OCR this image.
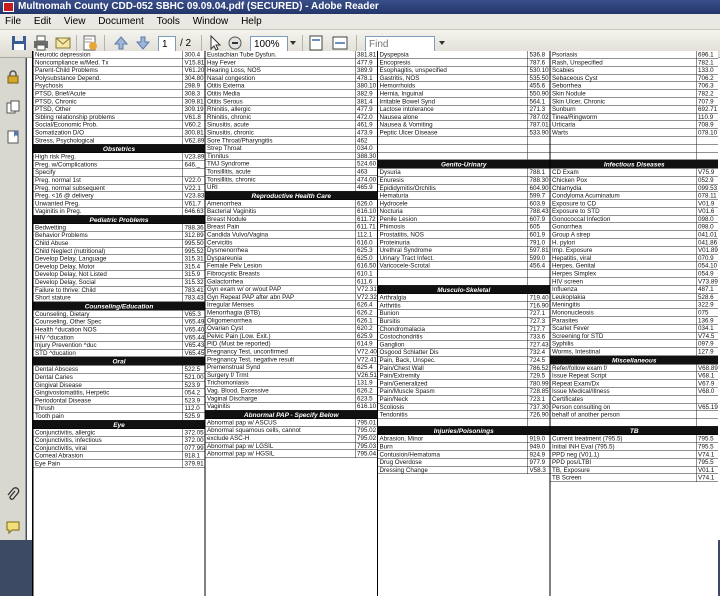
Multnomah County CDD-052 SBHC 09.09.04.pdf (SECURED) - Adobe Reader
File Edit View Document Tools Window Help
1
/ 2
100%
Find
Neurotic depression	300.4
Noncompliance w/Med. Tx	V15.81
Parent-Child Problems	V61.20
Polysubstance Depend.	304.80
Psychosis	298.9
PTSD, Brief/Acute	308.3
PTSD, Chronic	309.81
PTSD, Other	309.19
Sibling relationship problems	V61.8
Social/Economic Prob.	V60.2
Somatization D/O	300.81
Stress, Psychological	V62.89
Obstetrics
High risk Preg.	V23.89
Preg. w/Complications	646._
Specify
Preg. normal 1st	V22.0
Preg. normal subsequent	V22.1
Preg. <16 @ delivery	V23.83
Unwanted Preg.	V61.7
Vaginitis in Preg.	646.63
Pediatric Problems
Bedwetting	788.36
Behavior Problems	312.89
Child Abuse	995.50
Child Neglect (nutritional)	995.52
Develop Delay, Language	315.31
Develop Delay, Motor	315.4
Develop Delay, Not Listed	315.9
Develop Delay, Social	315.32
Failure to thrive: Child	783.41
Short stature	783.43
Counseling/Education
Counseling, Dietary	V65.3
Counseling, Other Spec	V65.49
Health ^ducation NOS	V65.40
HIV ^ducation	V65.44
Injury Prevention ^duc	V65.43
STD ^ducation	V65.45
Oral
Dental Abscess	522.5
Dental Caries	521.00
Gingival Disease	523.9
Gingivostomatitis, Herpetic	054.2
Periodontal Disease	523.9
Thrush	112.0
Tooth pain	525.9
Eye
Conjunctivitis, allergic	372.05
Conjunctivitis, infectious	372.00
Conjunctivitis, viral	077.99
Corneal Abrasion	918.1
Eye Pain	379.91
Eustachian Tube Dysfun.	381.81
Hay Fever	477.9
Hearing Loss, NOS	389.9
Nasal congestion	478.1
Otitis Externa	380.10
Otitis Media	382.9
Otitis Serous	381.4
Rhinitis, allergic	477.9
Rhinitis, chronic	472.0
Sinusitis, acute	461.9
Sinusitis, chronic	473.9
Sore Throat/Pharyngitis	462
Strep Throat	034.0
Tinnitus	388.30
TMJ Syndrome	524.60
Tonsillitis, acute	463
Tonsillitis, chronic	474.00
URI	465.9
Reproductive Health Care
Amenorrhea	626.0
Bacterial Vaginitis	616.10
Breast Nodule	611.72
Breast Pain	611.71
Candida Vulvo/Vagina	112.1
Cervicitis	616.0
Dysmenorrhea	625.3
Dyspareunia	625.0
Female Pelv Lesion	616.50
Fibrocystic Breasts	610.1
Galactorrhea	611.6
Gyn exam w/ or w/out PAP	V72.31
Gyn Repeat PAP after abn PAP	V72.32
Irregular Menses	626.4
Menorrhagia (BTB)	626.2
Oligomenorrhea	626.1
Ovarian Cyst	620.2
Pelvic Pain (Low. Exit.)	625.9
PID (Must be reported)	614.9
Pregnancy Test, unconfirmed	V72.40
Pregnancy Test, negative result	V72.41
Premenstrual Synd	625.4
Surgery f/ Trmt	V26.51
Trichomoniasis	131.9
Vag. Blood, Excessive	626.2
Vaginal Discharge	623.5
Vaginitis	616.10
Abnormal PAP - Specify Below
Abnormal pap w/ ASCUS	795.01
Abnormal squamous cells, cannot	795.02
exclude ASC-H	795.02
Abnormal pap w/ LGSIL	795.03
Abnormal pap w/ HGSIL	795.04
Dyspepsia	536.8
Encopresis	787.6
Esophagitis, unspecified	530.10
Gastritis, NOS	535.50
Hemorrhoids	455.6
Hernia, Inguinal	550.90
Irritable Bowel Synd	564.1
Lactose intolerance	271.3
Nausea alone	787.02
Nausea & Vomiting	787.01
Peptic Ulcer Disease	533.90
Genito-Urinary
Dysuria	788.1
Enuresis	788.30
Epididymitis/Orchitis	604.90
Hematuria	599.7
Hydrocele	603.9
Nocturia	788.43
Penile Lesion	607.9
Phimosis	605
Prostatitis, NOS	601.9
Proteinuria	791.0
Urethral Syndrome	597.81
Urinary Tract Infect.	599.0
Varicocele-Scrotal	456.4
Musculo-Skeletal
Arthralgia	719.40
Arthritis	716.90
Bunion	727.1
Bursitis	727.3
Chondromalacia	717.7
Costochondritis	733.6
Ganglion	727.43
Osgood Schlatter Dis	732.4
Pain, Back, Unspec.	724.5
Pain/Chest Wall	786.52
Pain/Extremity	729.5
Pain/Generalized	780.99
Pain/Muscle Spasm	728.85
Pain/Neck	723.1
Scoliosis	737.30
Tendonitis	726.90
Injuries/Poisonings
Abrasion, Minor	919.0
Burn	949.0
Contusion/Hematoma	924.9
Drug Overdose	977.9
Dressing Change	V58.3
Psoriasis	696.1
Rash, Unspecified	782.1
Scabies	133.0
Sebaceous Cyst	706.2
Seborrhea	706.3
Skin Nodule	782.2
Skin Ulcer, Chronic	707.9
Sunburn	692.71
Tinea/Ringworm	110.9
Urticaria	708.9
Warts	078.10
Infectious Diseases
CD Exam	V75.9
Chicken Pox	052.9
Chlamydia	099.53
Condyloma Acuminatum	078.11
Exposure to CD	V01.9
Exposure to STD	V01.6
Gonococcal Infection	098.0
Gonorrhea	098.0
Group A strep	041.01
H. pylori	041.86
Imp. Exposure	V01.89
Hepatitis, viral	070.9
Herpes, Genital	054.10
Herpes Simplex	054.9
HIV screen	V73.89
Influenza	487.1
Leukoplakia	528.6
Meningitis	322.9
Mononucleosis	075
Parasites	136.9
Scarlet Fever	034.1
Screening for STD	V74.5
Syphilis	097.9
Worms, Intestinal	127.9
Miscellaneous
Refer/follow exam f/	V68.89
Issue Repeat Script	V68.1
Repeat Exam/Dx	V67.9
Issue Medical/Illness	V68.0
Certificates
Person consulting on	V65.19
behalf of another person
TB
Current treatment (795.5)	795.5
Initial INH Eval (795.5)	795.5
PPD neg (V01.1)	V74.1
PPD pos/LTBI	795.5
TB, Exposure	V01.1
TB Screen	V74.1
